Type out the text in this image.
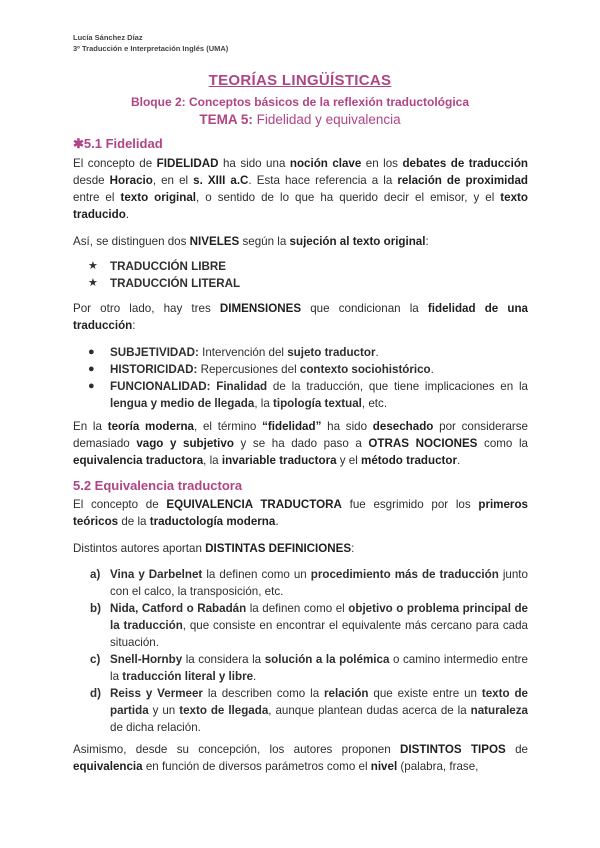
Lucía Sánchez Díaz
3º Traducción e Interpretación Inglés (UMA)
TEORÍAS LINGÜÍSTICAS
Bloque 2: Conceptos básicos de la reflexión traductológica
TEMA 5: Fidelidad y equivalencia
✱5.1 Fidelidad
El concepto de FIDELIDAD ha sido una noción clave en los debates de traducción desde Horacio, en el s. XIII a.C. Esta hace referencia a la relación de proximidad entre el texto original, o sentido de lo que ha querido decir el emisor, y el texto traducido.
Así, se distinguen dos NIVELES según la sujeción al texto original:
★	TRADUCCIÓN LIBRE
★	TRADUCCIÓN LITERAL
Por otro lado, hay tres DIMENSIONES que condicionan la fidelidad de una traducción:
●	SUBJETIVIDAD: Intervención del sujeto traductor.
●	HISTORICIDAD: Repercusiones del contexto sociohistórico.
●	FUNCIONALIDAD: Finalidad de la traducción, que tiene implicaciones en la lengua y medio de llegada, la tipología textual, etc.
En la teoría moderna, el término “fidelidad” ha sido desechado por considerarse demasiado vago y subjetivo y se ha dado paso a OTRAS NOCIONES como la equivalencia traductora, la invariable traductora y el método traductor.
5.2 Equivalencia traductora
El concepto de EQUIVALENCIA TRADUCTORA fue esgrimido por los primeros teóricos de la traductología moderna.
Distintos autores aportan DISTINTAS DEFINICIONES:
a) Vina y Darbelnet la definen como un procedimiento más de traducción junto con el calco, la transposición, etc.
b) Nida, Catford o Rabadán la definen como el objetivo o problema principal de la traducción, que consiste en encontrar el equivalente más cercano para cada situación.
c) Snell-Hornby la considera la solución a la polémica o camino intermedio entre la traducción literal y libre.
d) Reiss y Vermeer la describen como la relación que existe entre un texto de partida y un texto de llegada, aunque plantean dudas acerca de la naturaleza de dicha relación.
Asimismo, desde su concepción, los autores proponen DISTINTOS TIPOS de equivalencia en función de diversos parámetros como el nivel (palabra, frase,
